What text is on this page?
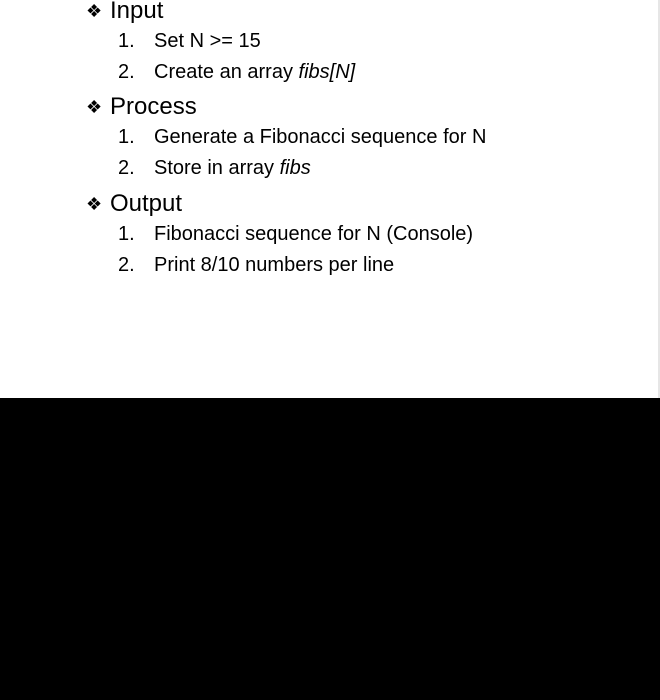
❖ Input
1. Set N >= 15
2. Create an array fibs[N]
❖ Process
1. Generate a Fibonacci sequence for N
2. Store in array fibs
❖ Output
1. Fibonacci sequence for N (Console)
2. Print 8/10 numbers per line
